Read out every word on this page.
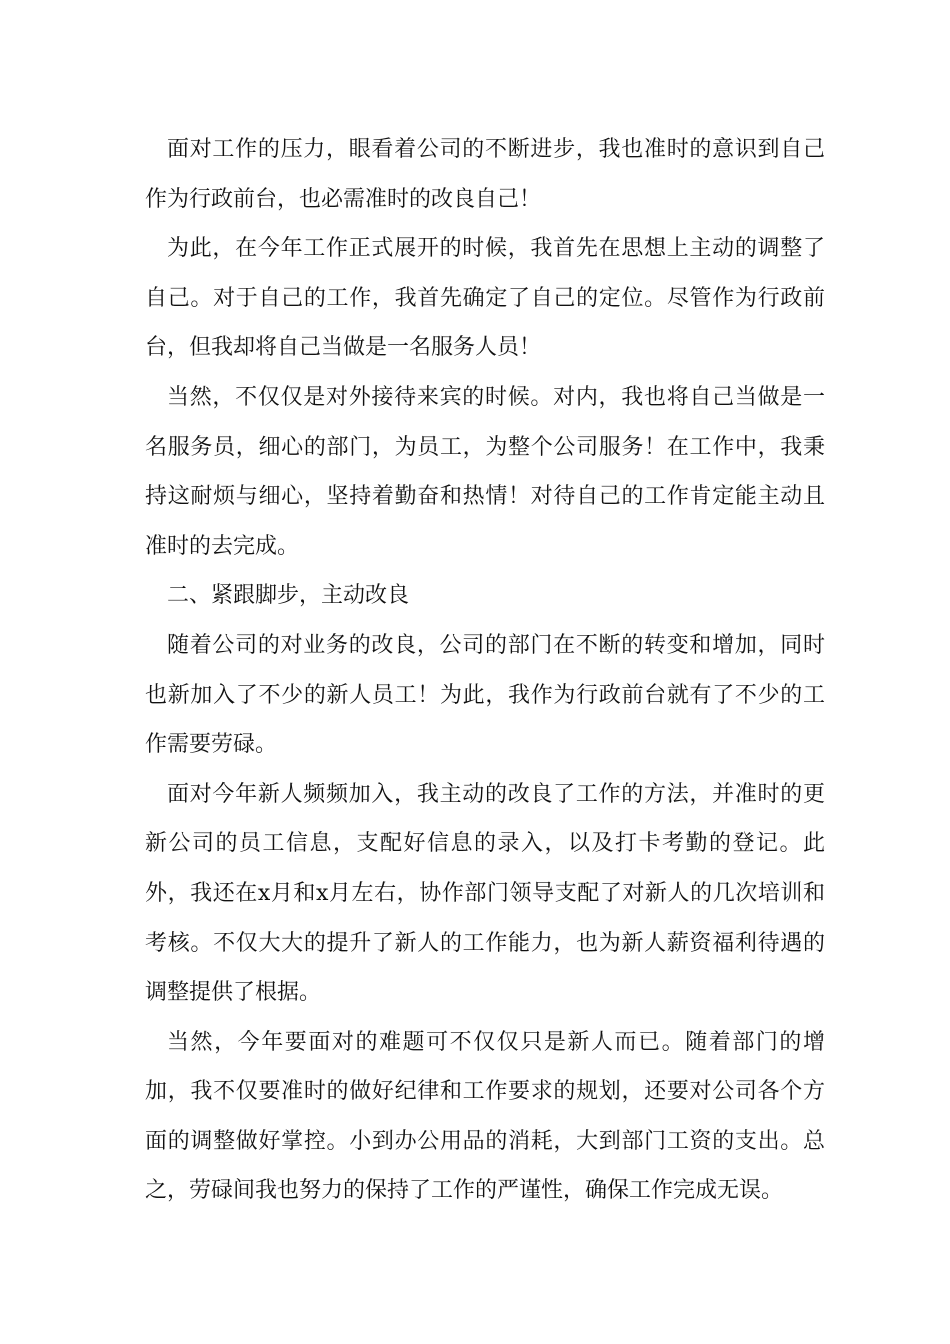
面对工作的压力，眼看着公司的不断进步，我也准时的意识到自己作为行政前台，也必需准时的改良自己！

为此，在今年工作正式展开的时候，我首先在思想上主动的调整了自己。对于自己的工作，我首先确定了自己的定位。尽管作为行政前台，但我却将自己当做是一名服务人员！

当然，不仅仅是对外接待来宾的时候。对内，我也将自己当做是一名服务员，细心的部门，为员工，为整个公司服务！在工作中，我秉持这耐烦与细心，坚持着勤奋和热情！对待自己的工作肯定能主动且准时的去完成。

二、紧跟脚步，主动改良

随着公司的对业务的改良，公司的部门在不断的转变和增加，同时也新加入了不少的新人员工！为此，我作为行政前台就有了不少的工作需要劳碌。

面对今年新人频频加入，我主动的改良了工作的方法，并准时的更新公司的员工信息，支配好信息的录入，以及打卡考勤的登记。此外，我还在x月和x月左右，协作部门领导支配了对新人的几次培训和考核。不仅大大的提升了新人的工作能力，也为新人薪资福利待遇的调整提供了根据。

当然，今年要面对的难题可不仅仅只是新人而已。随着部门的增加，我不仅要准时的做好纪律和工作要求的规划，还要对公司各个方面的调整做好掌控。小到办公用品的消耗，大到部门工资的支出。总之，劳碌间我也努力的保持了工作的严谨性，确保工作完成无误。
